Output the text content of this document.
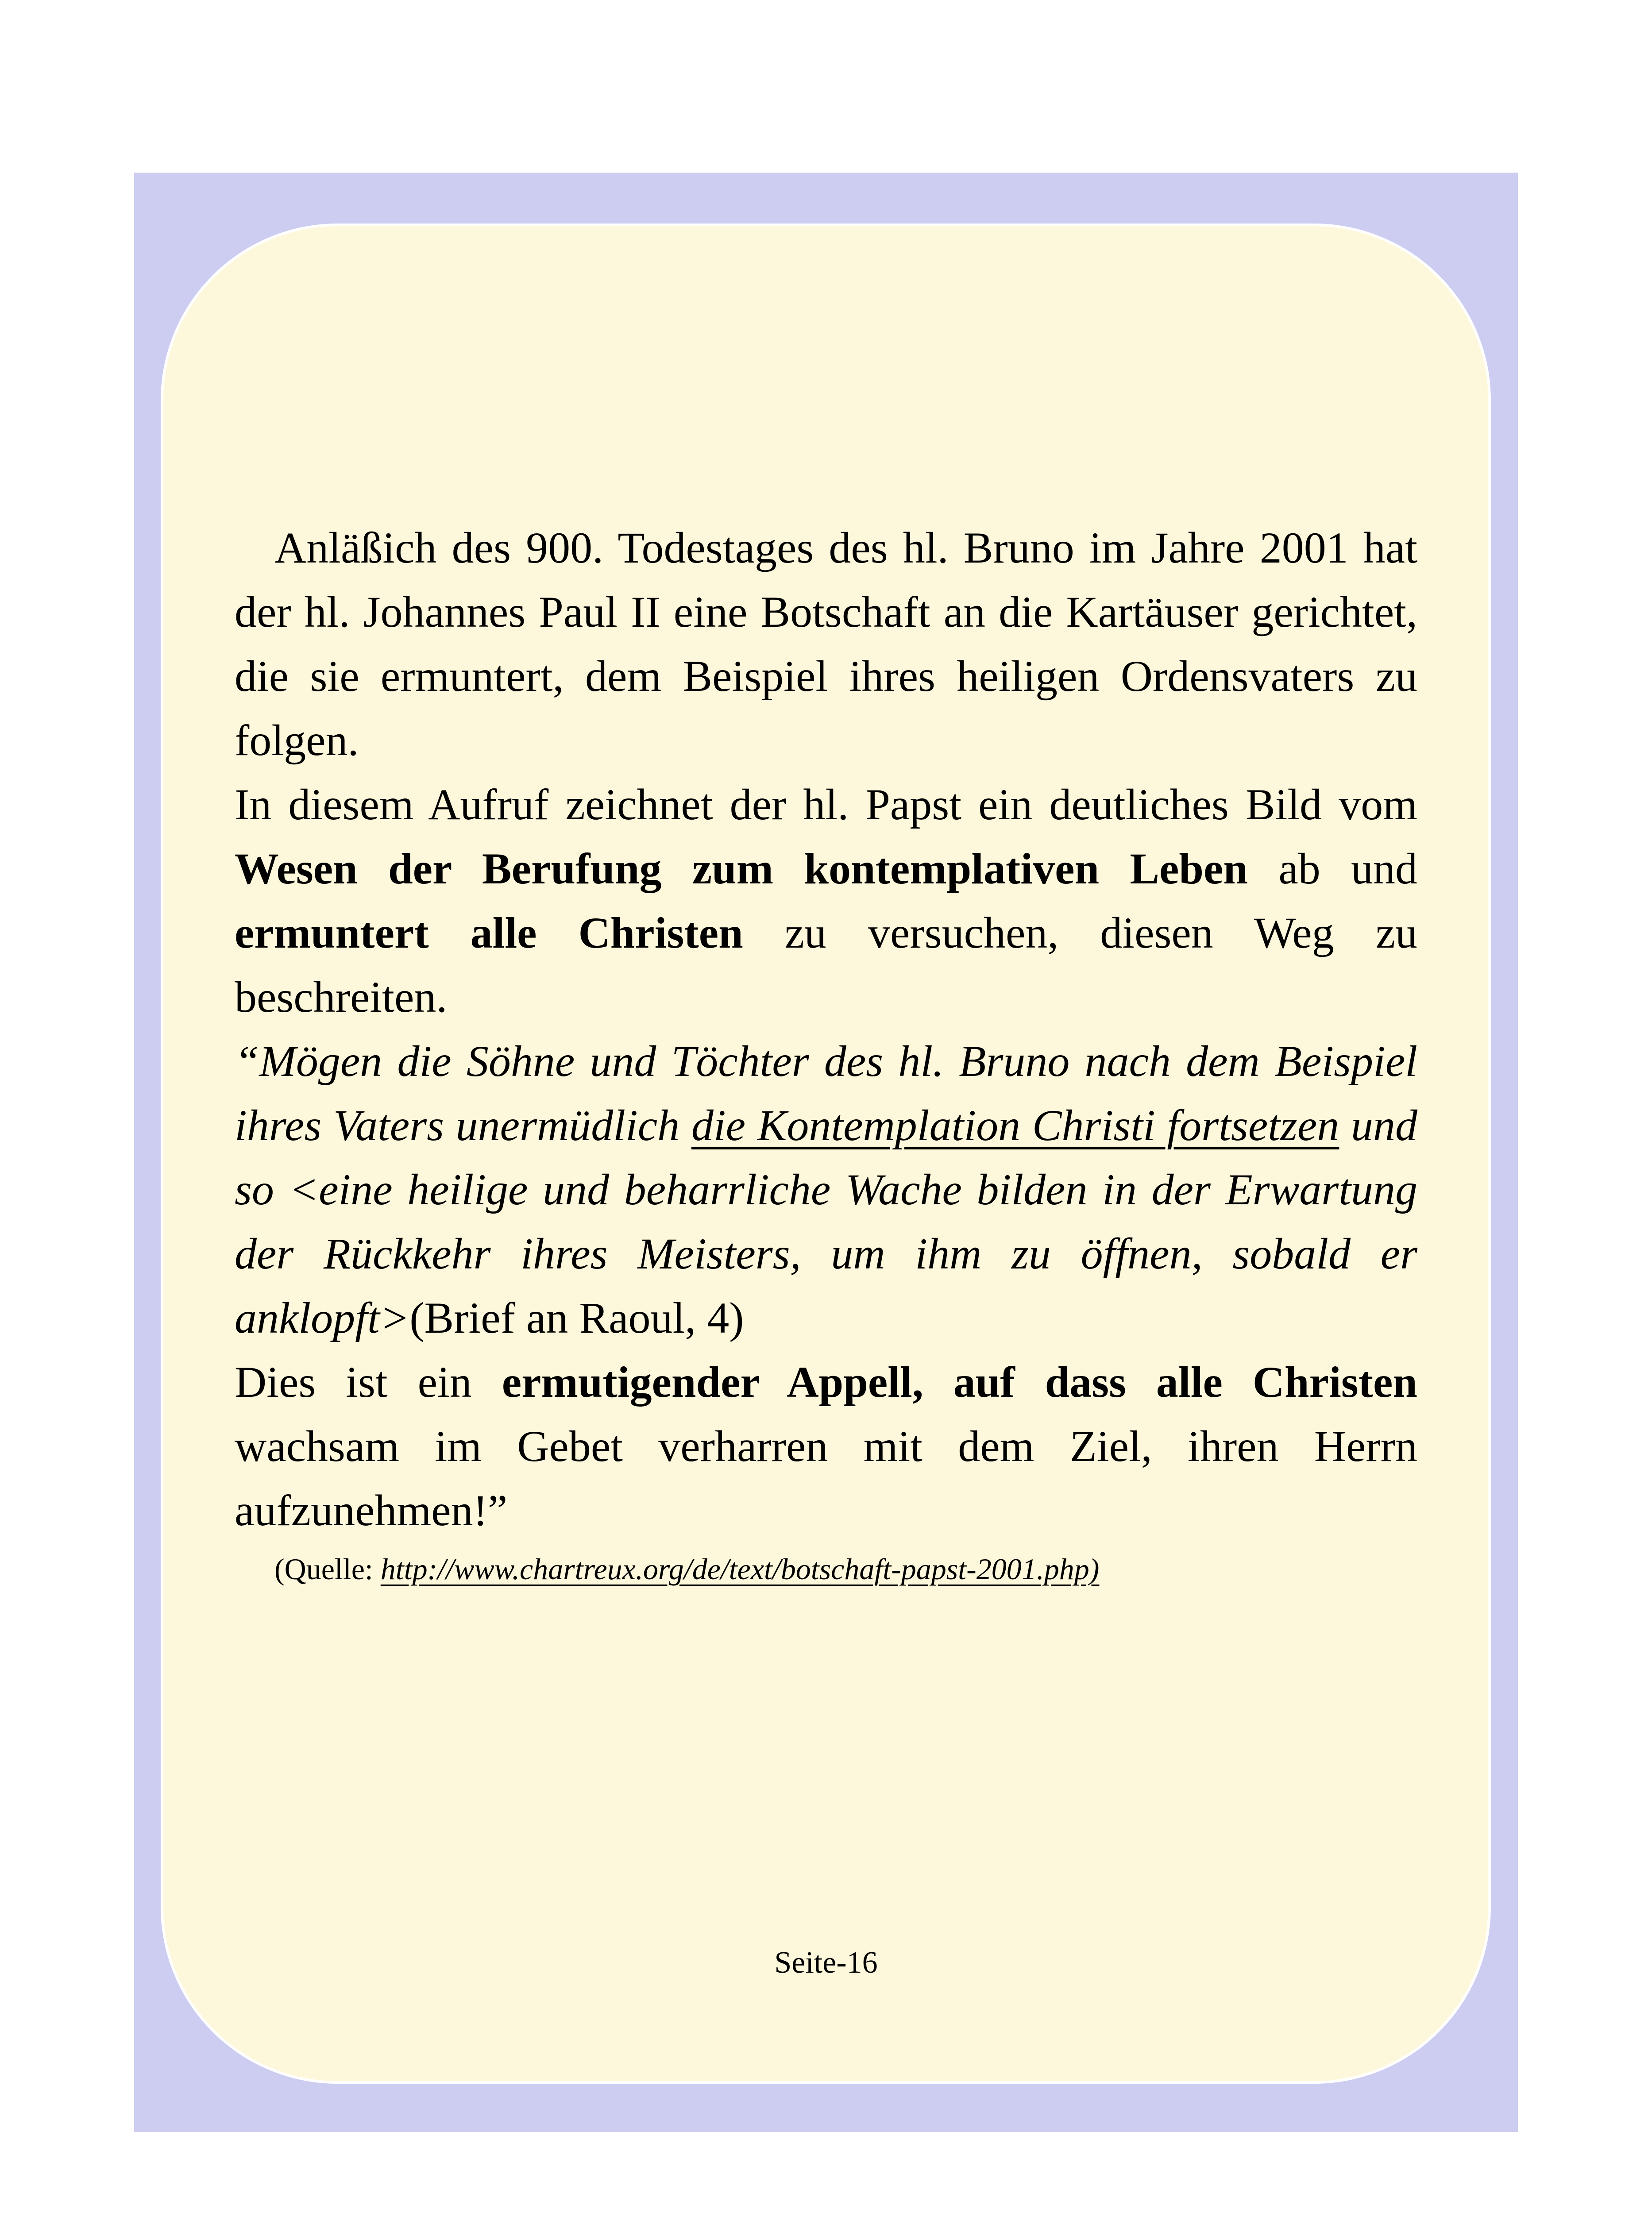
Anläßich des 900. Todestages des hl. Bruno im Jahre 2001 hat der hl. Johannes Paul II eine Botschaft an die Kartäuser gerichtet, die sie ermuntert, dem Beispiel ihres heiligen Ordensvaters zu folgen.

In diesem Aufruf zeichnet der hl. Papst ein deutliches Bild vom Wesen der Berufung zum kontemplativen Leben ab und ermuntert alle Christen zu versuchen, diesen Weg zu beschreiten.

“Mögen die Söhne und Töchter des hl. Bruno nach dem Beispiel ihres Vaters unermüdlich die Kontemplation Christi fortsetzen und so <eine heilige und beharrliche Wache bilden in der Erwartung der Rückkehr ihres Meisters, um ihm zu öffnen, sobald er anklopft>(Brief an Raoul, 4)

Dies ist ein ermutigender Appell, auf dass alle Christen wachsam im Gebet verharren mit dem Ziel, ihren Herrn aufzunehmen!”

(Quelle: http://www.chartreux.org/de/text/botschaft-papst-2001.php)
Seite-16
